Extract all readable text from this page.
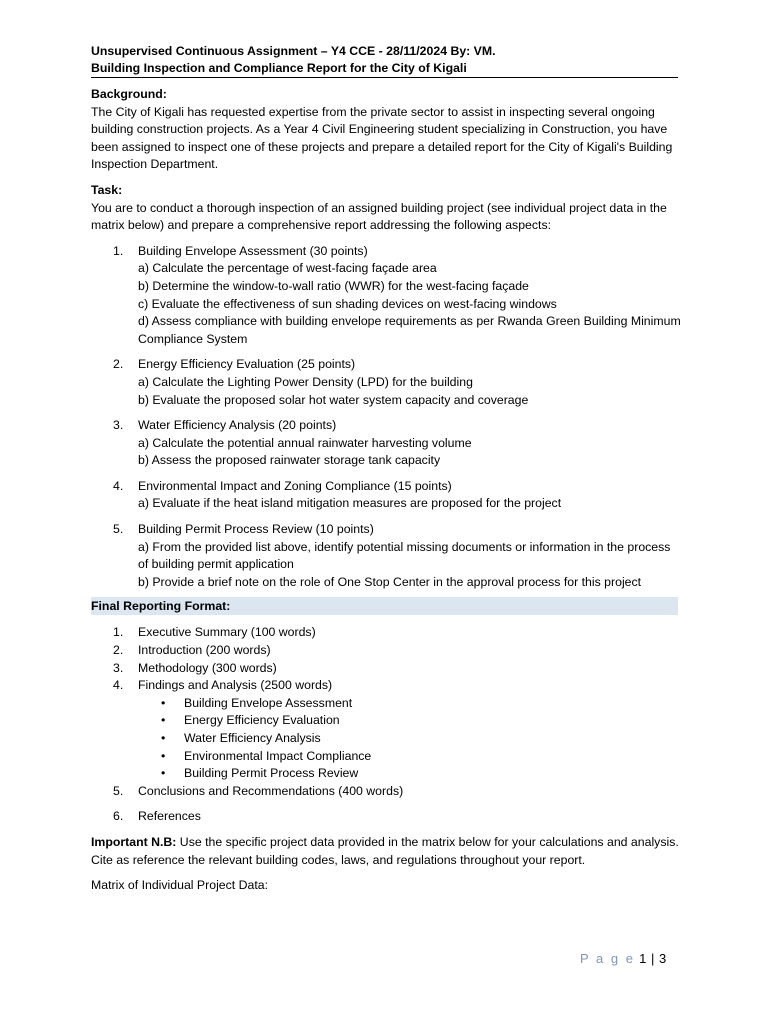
Unsupervised Continuous Assignment – Y4 CCE - 28/11/2024 By: VM.
Building Inspection and Compliance Report for the City of Kigali

Background:

The City of Kigali has requested expertise from the private sector to assist in inspecting several ongoing building construction projects. As a Year 4 Civil Engineering student specializing in Construction, you have been assigned to inspect one of these projects and prepare a detailed report for the City of Kigali's Building Inspection Department.

Task:

You are to conduct a thorough inspection of an assigned building project (see individual project data in the matrix below) and prepare a comprehensive report addressing the following aspects:

1. Building Envelope Assessment (30 points)
a) Calculate the percentage of west-facing façade area
b) Determine the window-to-wall ratio (WWR) for the west-facing façade
c) Evaluate the effectiveness of sun shading devices on west-facing windows
d) Assess compliance with building envelope requirements as per Rwanda Green Building Minimum Compliance System
2. Energy Efficiency Evaluation (25 points)
a) Calculate the Lighting Power Density (LPD) for the building
b) Evaluate the proposed solar hot water system capacity and coverage
3. Water Efficiency Analysis (20 points)
a) Calculate the potential annual rainwater harvesting volume
b) Assess the proposed rainwater storage tank capacity
4. Environmental Impact and Zoning Compliance (15 points)
a) Evaluate if the heat island mitigation measures are proposed for the project
5. Building Permit Process Review (10 points)
a) From the provided list above, identify potential missing documents or information in the process of building permit application
b) Provide a brief note on the role of One Stop Center in the approval process for this project
Final Reporting Format:
1. Executive Summary (100 words)
2. Introduction (200 words)
3. Methodology (300 words)
4. Findings and Analysis (2500 words)
• Building Envelope Assessment
• Energy Efficiency Evaluation
• Water Efficiency Analysis
• Environmental Impact Compliance
• Building Permit Process Review
5. Conclusions and Recommendations (400 words)
6. References

Important N.B: Use the specific project data provided in the matrix below for your calculations and analysis. Cite as reference the relevant building codes, laws, and regulations throughout your report.

Matrix of Individual Project Data:

P a g e 1 | 3
